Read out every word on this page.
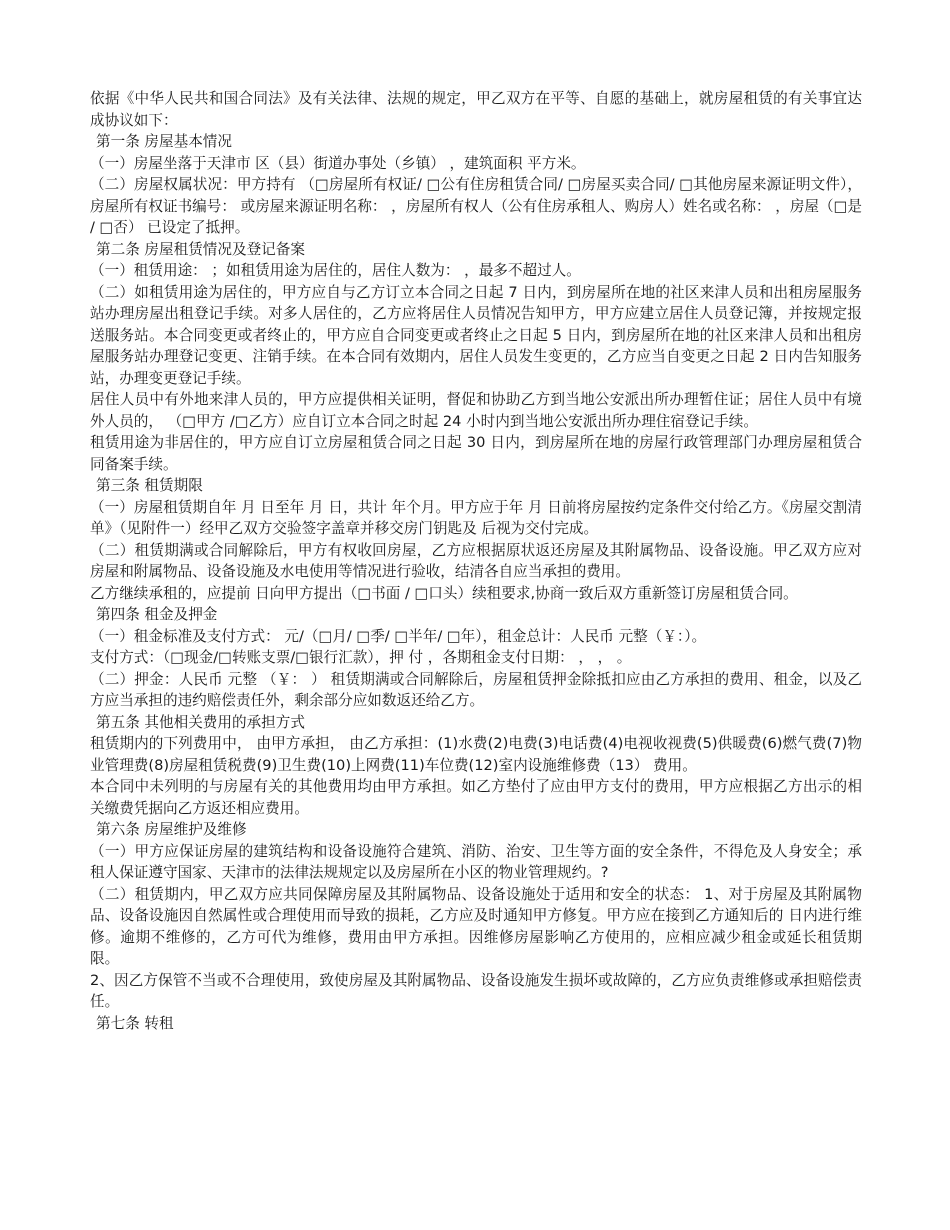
依据《中华人民共和国合同法》及有关法律、法规的规定，甲乙双方在平等、自愿的基础上，就房屋租赁的有关事宜达成协议如下：

第一条 房屋基本情况

（一）房屋坐落于天津市 区（县）街道办事处（乡镇） ，建筑面积 平方米。

（二）房屋权属状况：甲方持有 （□房屋所有权证/ □公有住房租赁合同/ □房屋买卖合同/ □其他房屋来源证明文件），房屋所有权证书编号： 或房屋来源证明名称： ，房屋所有权人（公有住房承租人、购房人）姓名或名称： ，房屋（□是 / □否） 已设定了抵押。

第二条 房屋租赁情况及登记备案

（一）租赁用途： ；如租赁用途为居住的，居住人数为： ，最多不超过人。

（二）如租赁用途为居住的，甲方应自与乙方订立本合同之日起 7 日内，到房屋所在地的社区来津人员和出租房屋服务站办理房屋出租登记手续。对多人居住的，乙方应将居住人员情况告知甲方，甲方应建立居住人员登记簿，并按规定报送服务站。本合同变更或者终止的，甲方应自合同变更或者终止之日起 5 日内，到房屋所在地的社区来津人员和出租房屋服务站办理登记变更、注销手续。在本合同有效期内，居住人员发生变更的，乙方应当自变更之日起 2 日内告知服务站，办理变更登记手续。

居住人员中有外地来津人员的，甲方应提供相关证明，督促和协助乙方到当地公安派出所办理暂住证；居住人员中有境外人员的， （□甲方 /□乙方）应自订立本合同之时起 24 小时内到当地公安派出所办理住宿登记手续。

租赁用途为非居住的，甲方应自订立房屋租赁合同之日起 30 日内，到房屋所在地的房屋行政管理部门办理房屋租赁合同备案手续。

第三条 租赁期限

（一）房屋租赁期自年 月 日至年 月 日，共计 年个月。甲方应于年 月 日前将房屋按约定条件交付给乙方。《房屋交割清单》（见附件一）经甲乙双方交验签字盖章并移交房门钥匙及 后视为交付完成。

（二）租赁期满或合同解除后，甲方有权收回房屋，乙方应根据原状返还房屋及其附属物品、设备设施。甲乙双方应对房屋和附属物品、设备设施及水电使用等情况进行验收，结清各自应当承担的费用。

乙方继续承租的，应提前 日向甲方提出（□书面 / □口头）续租要求,协商一致后双方重新签订房屋租赁合同。

第四条 租金及押金

（一）租金标准及支付方式： 元/（□月/ □季/ □半年/ □年），租金总计：人民币 元整（￥：）。

支付方式：（□现金/□转账支票/□银行汇款），押 付 ，各期租金支付日期： ， ， 。

（二）押金：人民币 元整 （￥： ） 租赁期满或合同解除后，房屋租赁押金除抵扣应由乙方承担的费用、租金，以及乙方应当承担的违约赔偿责任外，剩余部分应如数返还给乙方。

第五条 其他相关费用的承担方式

租赁期内的下列费用中， 由甲方承担， 由乙方承担：(1)水费(2)电费(3)电话费(4)电视收视费(5)供暖费(6)燃气费(7)物业管理费(8)房屋租赁税费(9)卫生费(10)上网费(11)车位费(12)室内设施维修费（13） 费用。

本合同中未列明的与房屋有关的其他费用均由甲方承担。如乙方垫付了应由甲方支付的费用，甲方应根据乙方出示的相关缴费凭据向乙方返还相应费用。

第六条 房屋维护及维修

（一）甲方应保证房屋的建筑结构和设备设施符合建筑、消防、治安、卫生等方面的安全条件，不得危及人身安全；承租人保证遵守国家、天津市的法律法规规定以及房屋所在小区的物业管理规约。?

（二）租赁期内，甲乙双方应共同保障房屋及其附属物品、设备设施处于适用和安全的状态： 1、对于房屋及其附属物品、设备设施因自然属性或合理使用而导致的损耗，乙方应及时通知甲方修复。甲方应在接到乙方通知后的 日内进行维修。逾期不维修的，乙方可代为维修，费用由甲方承担。因维修房屋影响乙方使用的，应相应减少租金或延长租赁期限。

2、因乙方保管不当或不合理使用，致使房屋及其附属物品、设备设施发生损坏或故障的，乙方应负责维修或承担赔偿责任。

第七条 转租
